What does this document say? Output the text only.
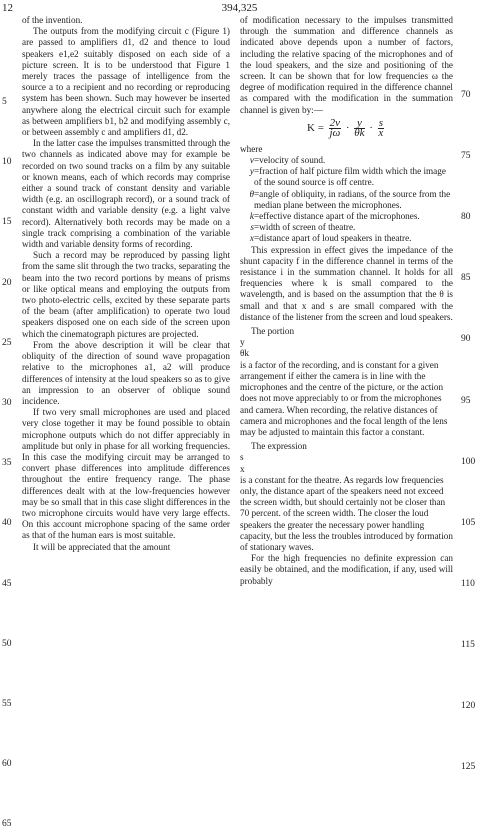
12	394,325

of the invention.

The outputs from the modifying circuit c (Figure 1) are passed to amplifiers d1, d2 and thence to loud speakers e1,e2 suitably disposed on each side of a picture screen. It is to be understood that Figure 1 merely traces the passage of intelligence from the source a to a recipient and no recording or reproducing system has been shown. Such may however be inserted anywhere along the electrical circuit such for example as between amplifiers b1, b2 and modifying assembly c, or between assembly c and amplifiers d1, d2.

In the latter case the impulses transmitted through the two channels as indicated above may for example be recorded on two sound tracks on a film by any suitable or known means, each of which records may comprise either a sound track of constant density and variable width (e.g. an oscillograph record), or a sound track of constant width and variable density (e.g. a light valve record). Alternatively both records may be made on a single track comprising a combination of the variable width and variable density forms of recording.

Such a record may be reproduced by passing light from the same slit through the two tracks, separating the beam into the two record portions by means of prisms or like optical means and employing the outputs from two photo-electric cells, excited by these separate parts of the beam (after amplification) to operate two loud speakers disposed one on each side of the screen upon which the cinematograph pictures are projected.

From the above description it will be clear that obliquity of the direction of sound wave propagation relative to the microphones a1, a2 will produce differences of intensity at the loud speakers so as to give an impression to an observer of oblique sound incidence.

If two very small microphones are used and placed very close together it may be found possible to obtain microphone outputs which do not differ appreciably in amplitude but only in phase for all working frequencies. In this case the modifying circuit may be arranged to convert phase differences into amplitude differences throughout the entire frequency range. The phase differences dealt with at the low-frequencies however may be so small that in this case slight differences in the two microphone circuits would have very large effects. On this account microphone spacing of the same order as that of the human ears is most suitable.

It will be appreciated that the amount

of modification necessary to the impulses transmitted through the summation and difference channels as indicated above depends upon a number of factors, including the relative spacing of the microphones and of the loud speakers, and the size and positioning of the screen. It can be shown that for low frequencies ω the degree of modification required in the difference channel as compared with the modification in the summation channel is given by:—

$K = \frac{2v}{j\omega} \cdot \frac{y}{\theta k} \cdot \frac{s}{x}$

where

v =velocity of sound.
y =fraction of half picture film width which the image of the sound source is off centre.
θ =angle of obliquity, in radians, of the source from the median plane between the microphones.
k =effective distance apart of the microphones.
s =width of screen of theatre.
x =distance apart of loud speakers in theatre.

This expression in effect gives the impedance of the shunt capacity f in the difference channel in terms of the resistance i in the summation channel. It holds for all frequencies where k is small compared to the wavelength, and is based on the assumption that the θ is small and that x and s are small compared with the distance of the listener from the screen and loud speakers.

The portion

y
θk
is a factor of the recording, and is constant for a given arrangement if either the camera is in line with the microphones and the centre of the picture, or the action does not move appreciably to or from the microphones and camera. When recording, the relative distances of camera and microphones and the focal length of the lens may be adjusted to maintain this factor a constant.

The expression

s
x
is a constant for the theatre. As regards low frequencies only, the distance apart of the speakers need not exceed the screen width, but should certainly not be closer than 70 percent. of the screen width. The closer the loud speakers the greater the necessary power handling capacity, but the less the troubles introduced by formation of stationary waves.

For the high frequencies no definite expression can easily be obtained, and the modification, if any, used will probably

5
10
15
20
25
30
35
40
45
50
55
60
65
70
75
80
85
90
95
100
105
110
115
120
125
